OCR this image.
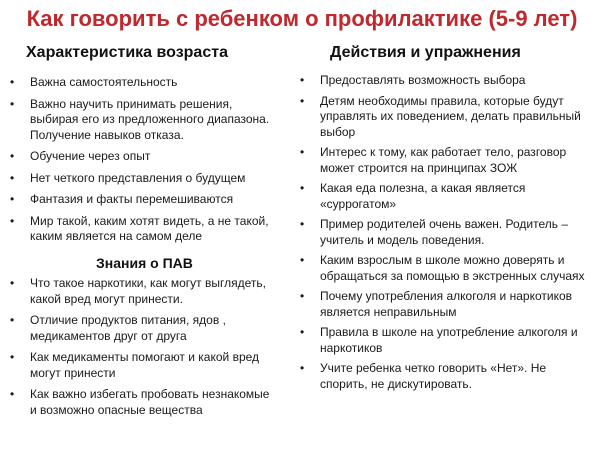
Как говорить с ребенком о профилактике (5-9 лет)
Характеристика возраста	Действия и упражнения
• Важна самостоятельность
• Важно научить принимать решения, выбирая его из предложенного диапазона. Получение навыков отказа.
• Обучение через опыт
• Нет четкого представления о будущем
• Фантазия и факты перемешиваются
• Мир такой, каким хотят видеть, а не такой, каким является на самом деле
Знания о ПАВ
• Что такое наркотики, как могут выглядеть, какой вред могут принести.
• Отличие продуктов питания, ядов , медикаментов друг от друга
• Как медикаменты помогают и какой вред могут принести
• Как важно избегать пробовать незнакомые и возможно опасные вещества
• Предоставлять возможность выбора
• Детям необходимы правила, которые будут управлять их поведением, делать правильный выбор
• Интерес к тому, как работает тело, разговор может строится на принципах ЗОЖ
• Какая еда полезна, а какая является «суррогатом»
• Пример родителей очень важен. Родитель – учитель и модель поведения.
• Каким взрослым в школе можно доверять и обращаться за помощью в экстренных случаях
• Почему употребления алкоголя и наркотиков является неправильным
• Правила в школе на употребление алкоголя и наркотиков
• Учите ребенка четко говорить «Нет». Не спорить, не дискутировать.
